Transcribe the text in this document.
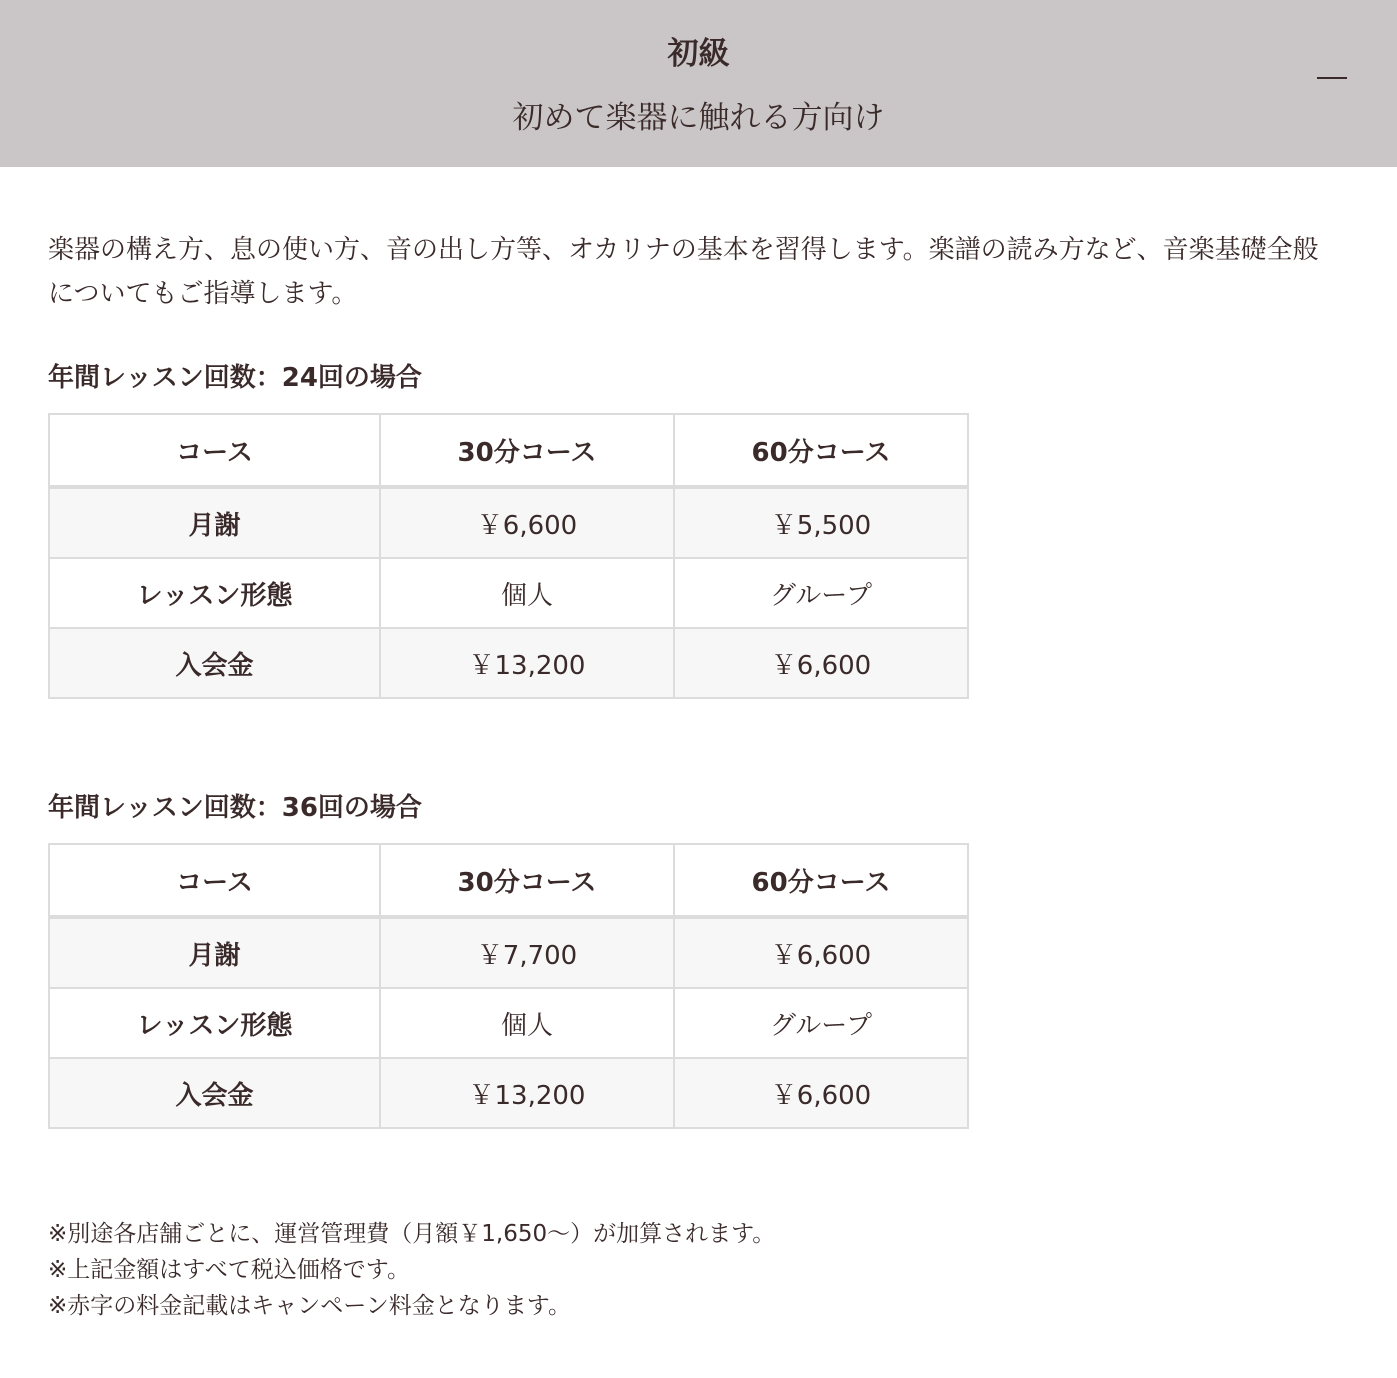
初級
初めて楽器に触れる方向け

楽器の構え方、息の使い方、音の出し方等、オカリナの基本を習得します。楽譜の読み方など、音楽基礎全般についてもご指導します。

年間レッスン回数：24回の場合
コース	30分コース	60分コース
月謝	￥6,600	￥5,500
レッスン形態	個人	グループ
入会金	￥13,200	￥6,600
年間レッスン回数：36回の場合
コース	30分コース	60分コース
月謝	￥7,700	￥6,600
レッスン形態	個人	グループ
入会金	￥13,200	￥6,600
※別途各店舗ごとに、運営管理費（月額￥1,650～）が加算されます。
※上記金額はすべて税込価格です。
※赤字の料金記載はキャンペーン料金となります。
